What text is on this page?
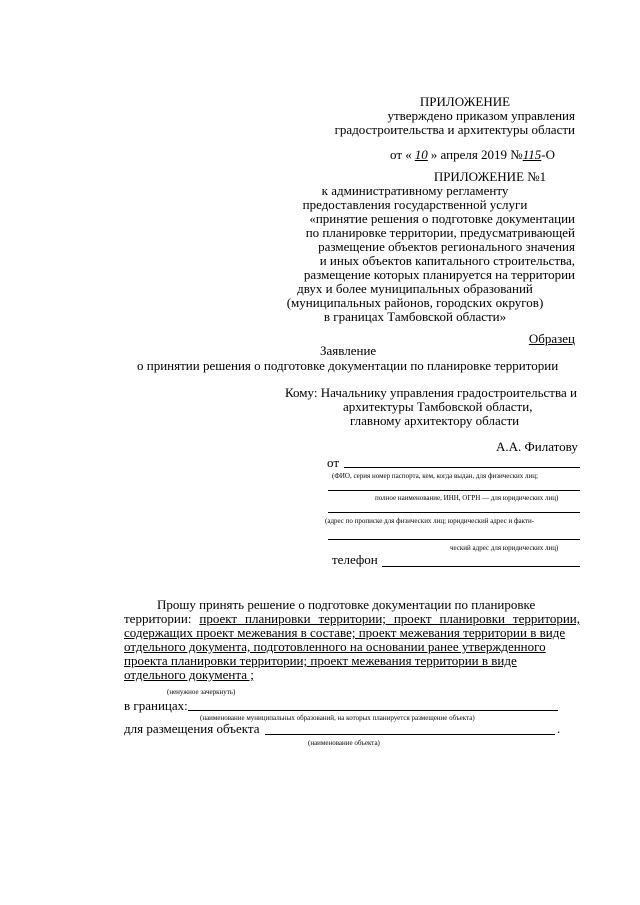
ПРИЛОЖЕНИЕ
утверждено приказом управления
градостроительства и архитектуры области
от « 10 » апреля 2019 №115-О
ПРИЛОЖЕНИЕ №1
к административному регламенту
предоставления государственной услуги
«принятие решения о подготовке документации
по планировке территории, предусматривающей
размещение объектов регионального значения
и иных объектов капитального строительства,
размещение которых планируется на территории
двух и более муниципальных образований
(муниципальных районов, городских округов)
в границах Тамбовской области»
Образец
Заявление
о принятии решения о подготовке документации по планировке территории
Кому: Начальнику управления градостроительства и
архитектуры Тамбовской области,
главному архитектору области
А.А. Филатову
от
(ФИО, серия номер паспорта, кем, когда выдан, для физических лиц;
полное наименование, ИНН, ОГРН — для юридических лиц)
(адрес по прописке для физических лиц; юридический адрес и факти-
ческий адрес для юридических лиц)
телефон
Прошу принять решение о подготовке документации по планировке
территории: проект планировки территории; проект планировки территории,
содержащих проект межевания в составе; проект межевания территории в виде
отдельного документа, подготовленного на основании ранее утвержденного
проекта планировки территории; проект межевания территории в виде
отдельного документа ;
(ненужное зачеркнуть)
в границах:
(наименование муниципальных образований, на которых планируется размещение объекта)
для размещения объекта	.
(наименование объекта)
